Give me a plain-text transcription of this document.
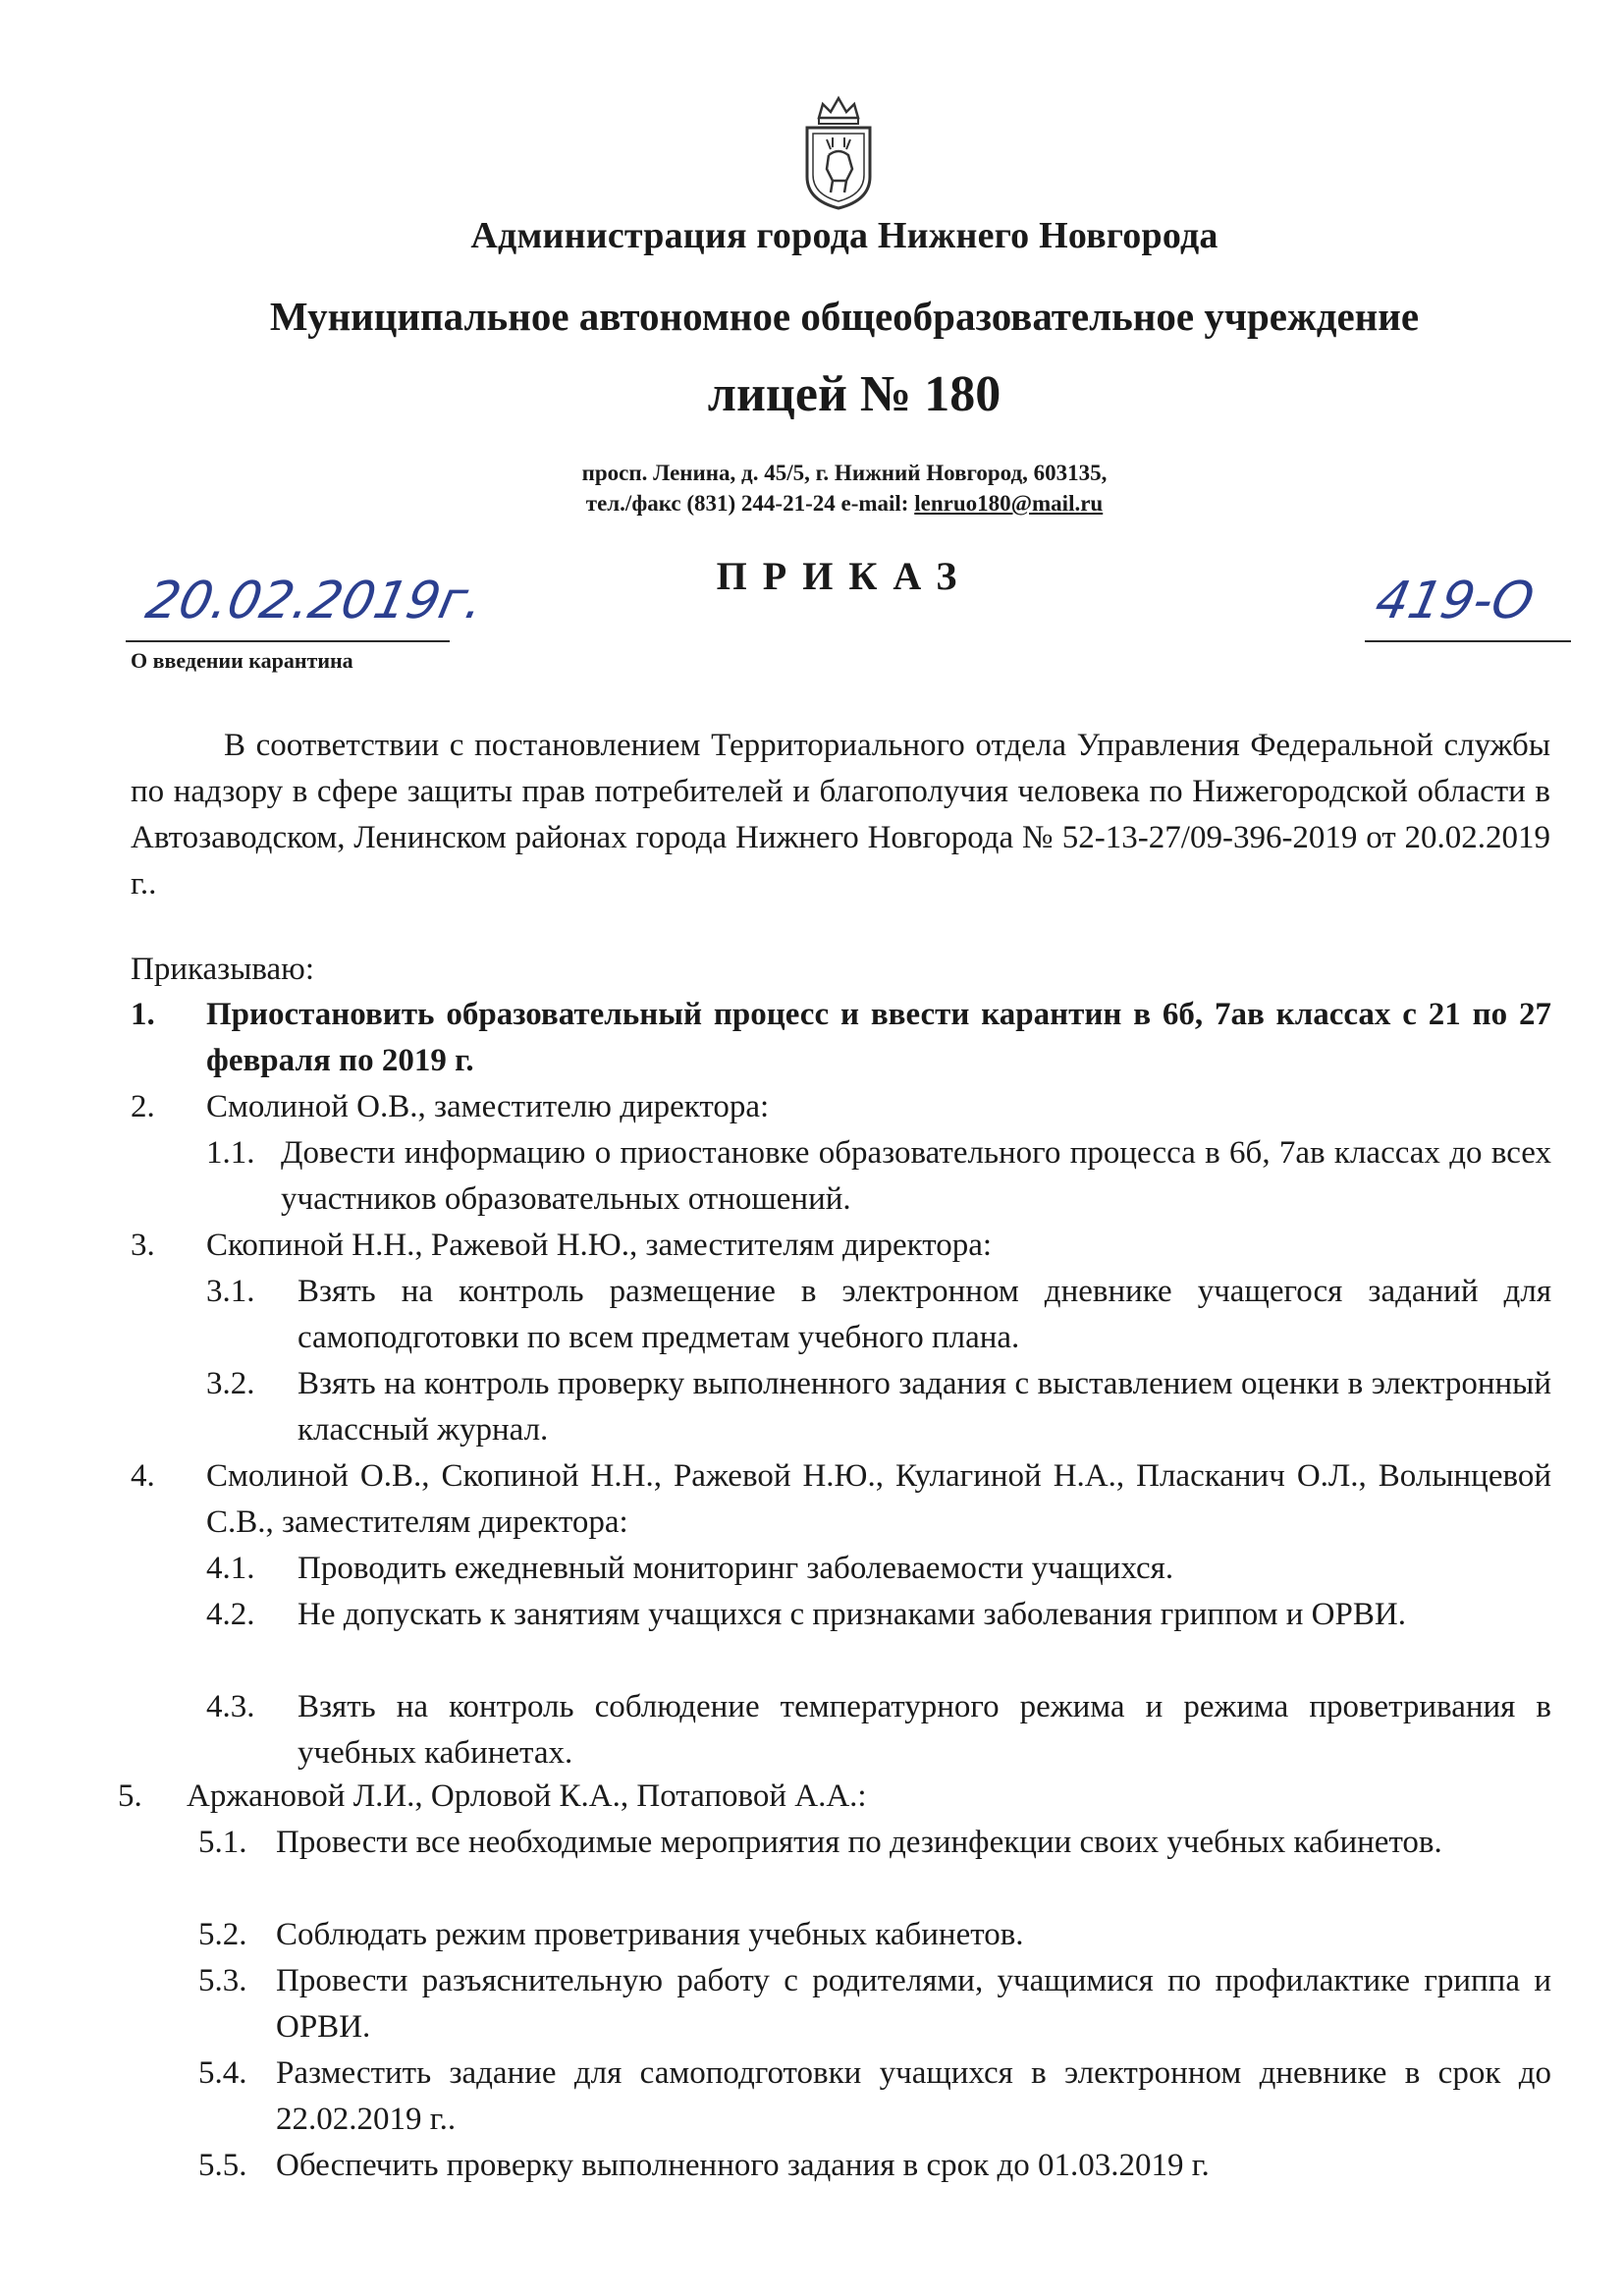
Администрация города Нижнего Новгорода
Муниципальное автономное общеобразовательное учреждение
лицей № 180
просп. Ленина, д. 45/5, г. Нижний Новгород, 603135,
тел./факс (831) 244-21-24 e-mail: lenruo180@mail.ru
ПРИКАЗ
20.02.2019г.	419-О
О введении карантина
В соответствии с постановлением Территориального отдела Управления Федеральной службы по надзору в сфере защиты прав потребителей и благополучия человека по Нижегородской области в Автозаводском, Ленинском районах города Нижнего Новгорода № 52-13-27/09-396-2019 от 20.02.2019 г..
Приказываю:
1. Приостановить образовательный процесс и ввести карантин в 6б, 7ав классах с 21 по 27 февраля по 2019 г.
2. Смолиной О.В., заместителю директора:
1.1. Довести информацию о приостановке образовательного процесса в 6б, 7ав классах до всех участников образовательных отношений.
3. Скопиной Н.Н., Ражевой Н.Ю., заместителям директора:
3.1. Взять на контроль размещение в электронном дневнике учащегося заданий для самоподготовки по всем предметам учебного плана.
3.2. Взять на контроль проверку выполненного задания с выставлением оценки в электронный классный журнал.
4. Смолиной О.В., Скопиной Н.Н., Ражевой Н.Ю., Кулагиной Н.А., Пласканич О.Л., Волынцевой С.В., заместителям директора:
4.1. Проводить ежедневный мониторинг заболеваемости учащихся.
4.2. Не допускать к занятиям учащихся с признаками заболевания гриппом и ОРВИ.
4.3. Взять на контроль соблюдение температурного режима и режима проветривания в учебных кабинетах.
5. Аржановой Л.И., Орловой К.А., Потаповой А.А.:
5.1. Провести все необходимые мероприятия по дезинфекции своих учебных кабинетов.
5.2. Соблюдать режим проветривания учебных кабинетов.
5.3. Провести разъяснительную работу с родителями, учащимися по профилактике гриппа и ОРВИ.
5.4. Разместить задание для самоподготовки учащихся в электронном дневнике в срок до 22.02.2019 г..
5.5. Обеспечить проверку выполненного задания в срок до 01.03.2019 г.
